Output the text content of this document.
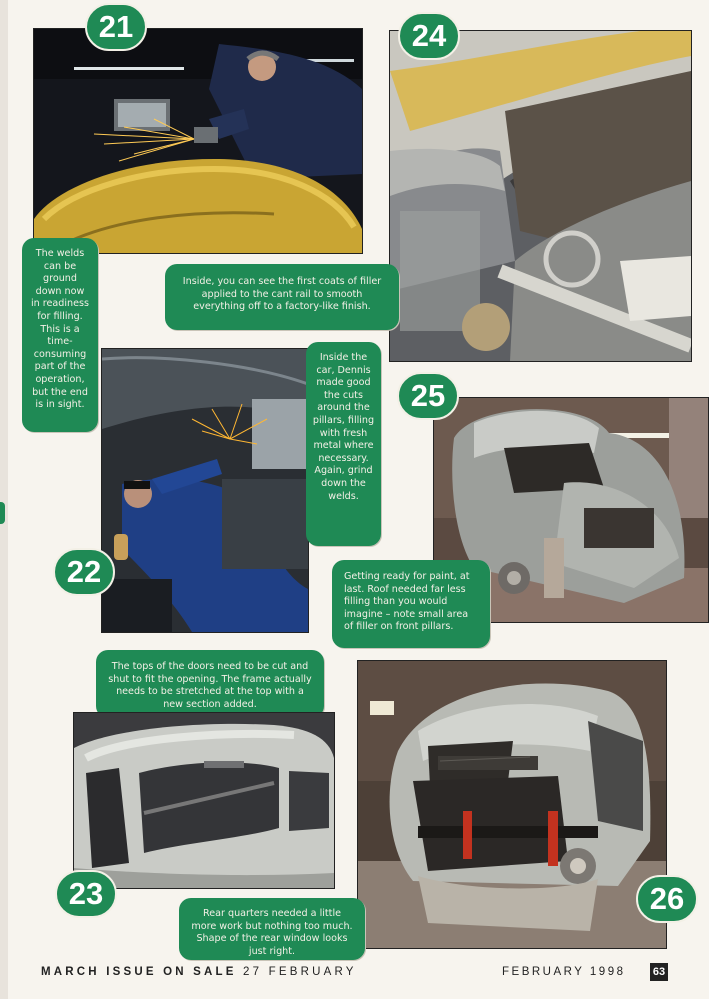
21	24
The welds can be ground down now in readiness for filling. This is a time-consuming part of the operation, but the end is in sight.
Inside, you can see the first coats of filler applied to the cant rail to smooth everything off to a factory-like finish.
Inside the car, Dennis made good the cuts around the pillars, filling with fresh metal where necessary. Again, grind down the welds.
22
25
Getting ready for paint, at last. Roof needed far less filling than you would imagine – note small area of filler on front pillars.
The tops of the doors need to be cut and shut to fit the opening. The frame actually needs to be stretched at the top with a new section added.
23	26
Rear quarters needed a little more work but nothing too much. Shape of the rear window looks just right.
MARCH ISSUE ON SALE 27 FEBRUARY	FEBRUARY 1998 63
